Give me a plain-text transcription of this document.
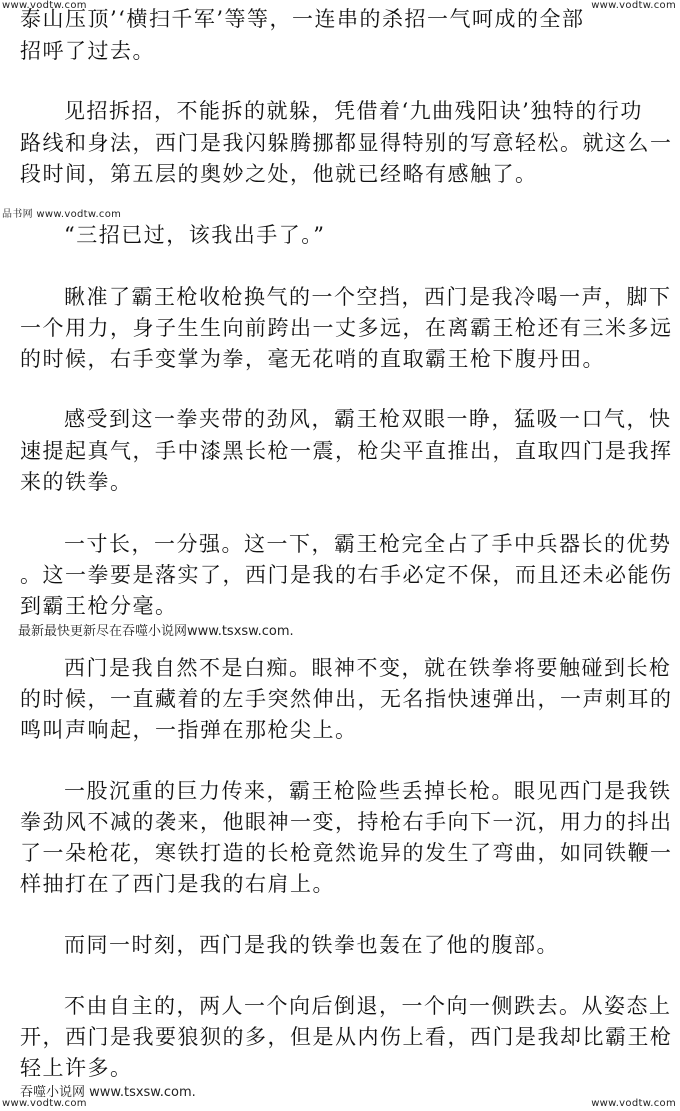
www.vodtw.com	www.vodtw.com
品书网 www.vodtw.com
最新最快更新尽在吞噬小说网www.tsxsw.com.
吞噬小说网 www.tsxsw.com.
www.vodtw.com	www.vodtw.com
泰山压顶’‘横扫千军’等等，一连串的杀招一气呵成的全部
招呼了过去。
见招拆招，不能拆的就躲，凭借着‘九曲残阳诀’独特的行功
路线和身法，西门是我闪躲腾挪都显得特别的写意轻松。就这么一
段时间，第五层的奥妙之处，他就已经略有感触了。
“三招已过，该我出手了。”
瞅准了霸王枪收枪换气的一个空挡，西门是我冷喝一声，脚下
一个用力，身子生生向前跨出一丈多远，在离霸王枪还有三米多远
的时候，右手变掌为拳，毫无花哨的直取霸王枪下腹丹田。
感受到这一拳夹带的劲风，霸王枪双眼一睁，猛吸一口气，快
速提起真气，手中漆黑长枪一震，枪尖平直推出，直取四门是我挥
来的铁拳。
一寸长，一分强。这一下，霸王枪完全占了手中兵器长的优势
。这一拳要是落实了，西门是我的右手必定不保，而且还未必能伤
到霸王枪分毫。
西门是我自然不是白痴。眼神不变，就在铁拳将要触碰到长枪
的时候，一直藏着的左手突然伸出，无名指快速弹出，一声刺耳的
鸣叫声响起，一指弹在那枪尖上。
一股沉重的巨力传来，霸王枪险些丢掉长枪。眼见西门是我铁
拳劲风不减的袭来，他眼神一变，持枪右手向下一沉，用力的抖出
了一朵枪花，寒铁打造的长枪竟然诡异的发生了弯曲，如同铁鞭一
样抽打在了西门是我的右肩上。
而同一时刻，西门是我的铁拳也轰在了他的腹部。
不由自主的，两人一个向后倒退，一个向一侧跌去。从姿态上
开，西门是我要狼狈的多，但是从内伤上看，西门是我却比霸王枪
轻上许多。
